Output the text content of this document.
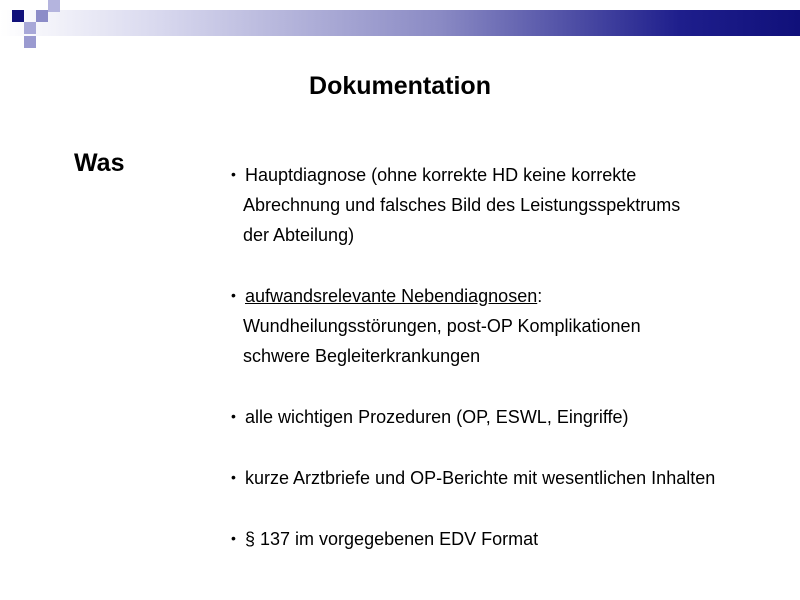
Dokumentation
Was	• Hauptdiagnose (ohne korrekte HD keine korrekte
Abrechnung und falsches Bild des Leistungsspektrums
der Abteilung)
• aufwandsrelevante Nebendiagnosen:
Wundheilungsstörungen, post-OP Komplikationen
schwere Begleiterkrankungen
• alle wichtigen Prozeduren (OP, ESWL, Eingriffe)
• kurze Arztbriefe und OP-Berichte mit wesentlichen Inhalten
• § 137 im vorgegebenen EDV Format
